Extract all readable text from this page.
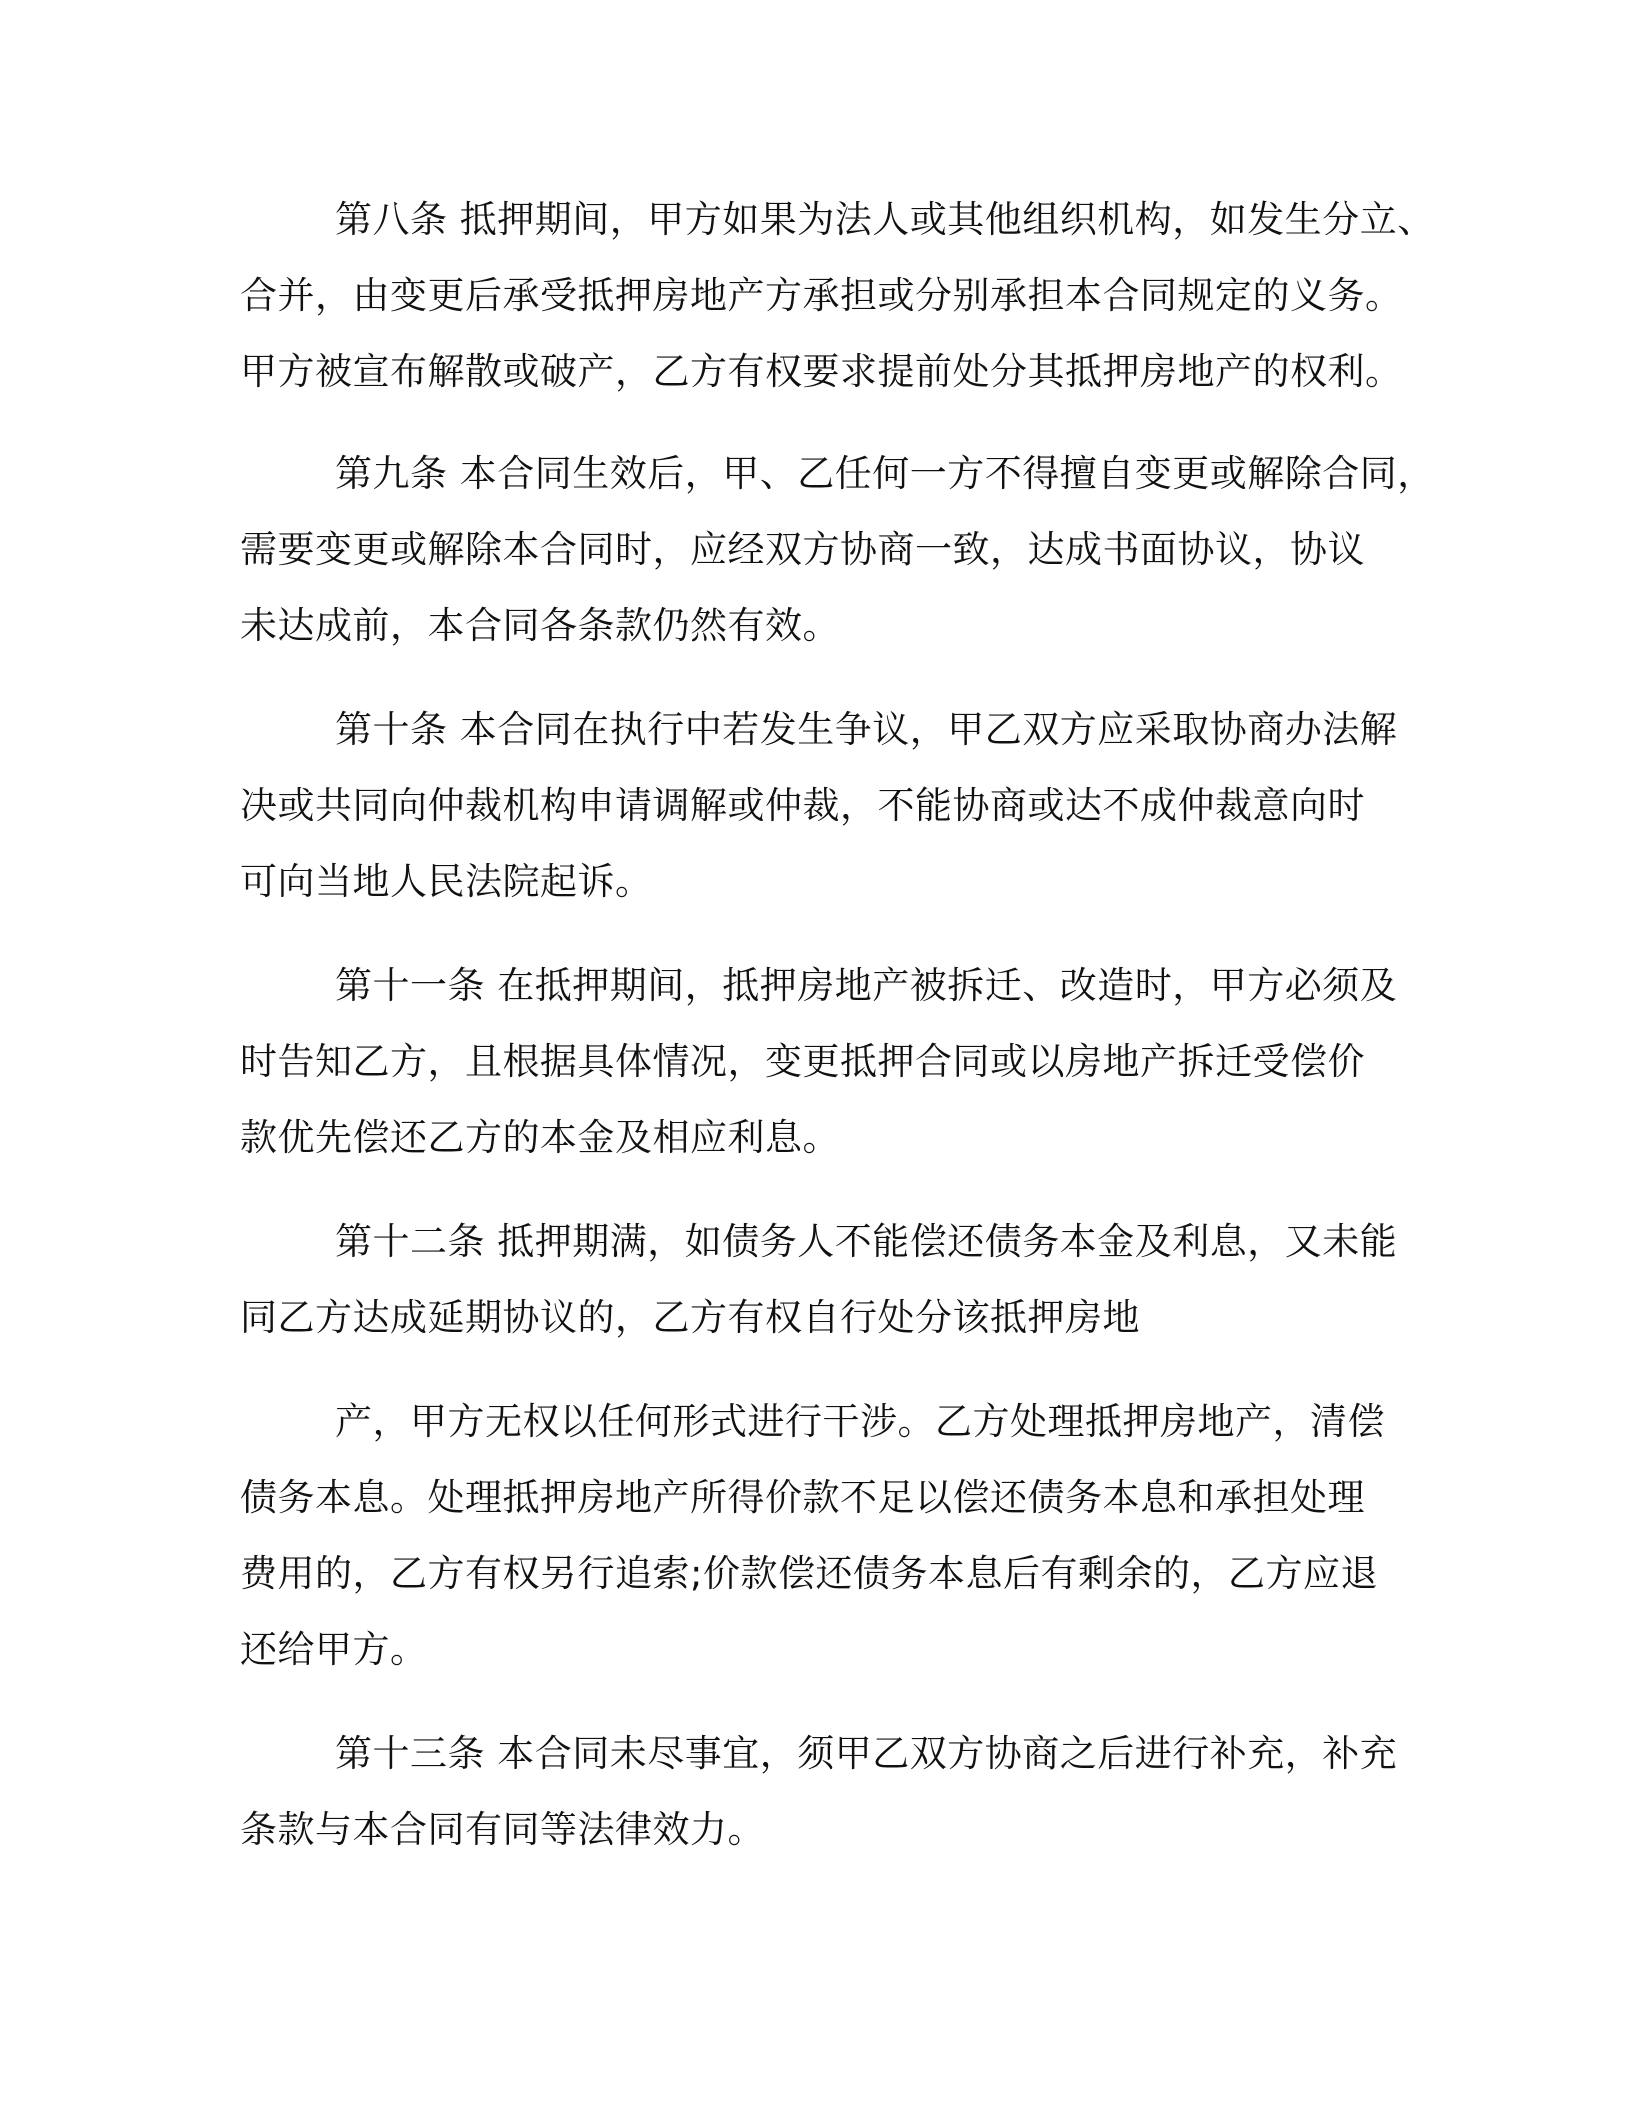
第八条 抵押期间，甲方如果为法人或其他组织机构，如发生分立、
合并，由变更后承受抵押房地产方承担或分别承担本合同规定的义务。
甲方被宣布解散或破产，乙方有权要求提前处分其抵押房地产的权利。
第九条 本合同生效后，甲、乙任何一方不得擅自变更或解除合同，
需要变更或解除本合同时，应经双方协商一致，达成书面协议，协议
未达成前，本合同各条款仍然有效。
第十条 本合同在执行中若发生争议，甲乙双方应采取协商办法解
决或共同向仲裁机构申请调解或仲裁，不能协商或达不成仲裁意向时
可向当地人民法院起诉。
第十一条 在抵押期间，抵押房地产被拆迁、改造时，甲方必须及
时告知乙方，且根据具体情况，变更抵押合同或以房地产拆迁受偿价
款优先偿还乙方的本金及相应利息。
第十二条 抵押期满，如债务人不能偿还债务本金及利息，又未能
同乙方达成延期协议的，乙方有权自行处分该抵押房地
产，甲方无权以任何形式进行干涉。乙方处理抵押房地产，清偿
债务本息。处理抵押房地产所得价款不足以偿还债务本息和承担处理
费用的，乙方有权另行追索;价款偿还债务本息后有剩余的，乙方应退
还给甲方。
第十三条 本合同未尽事宜，须甲乙双方协商之后进行补充，补充
条款与本合同有同等法律效力。
